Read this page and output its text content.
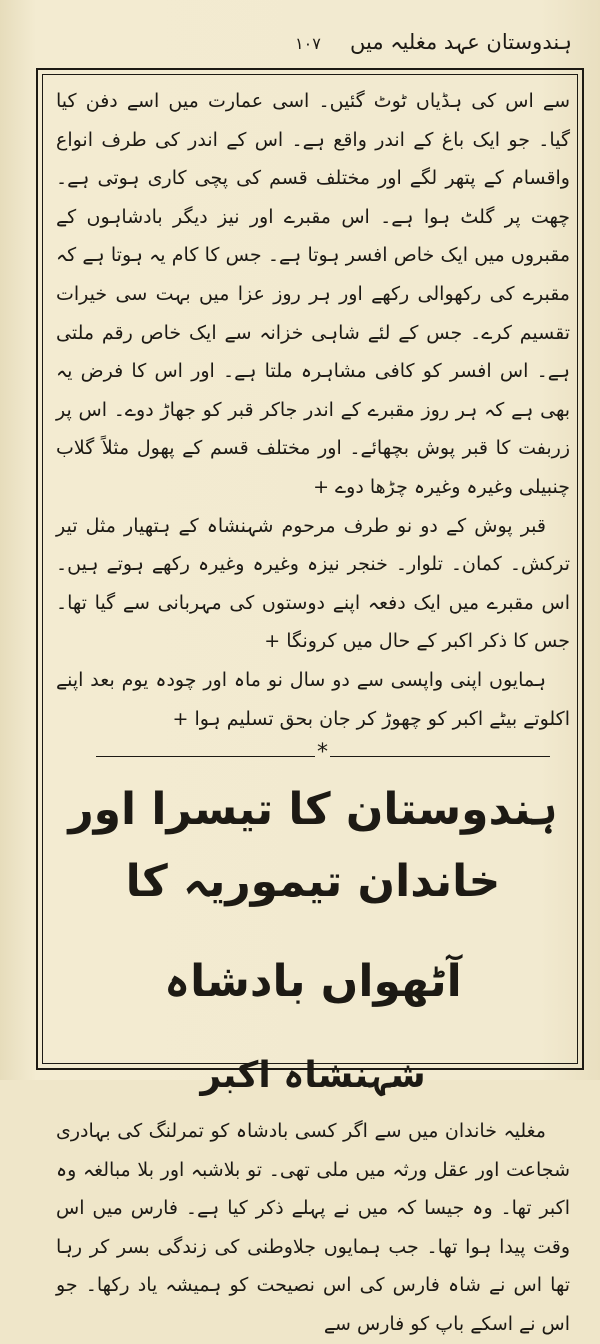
۱۰۷ ہندوستان عہد مغلیہ میں

سے اس کی ہڈیاں ٹوٹ گئیں۔ اسی عمارت میں اسے دفن کیا گیا۔ جو ایک باغ کے اندر واقع ہے۔ اس کے اندر کی طرف انواع واقسام کے پتھر لگے اور مختلف قسم کی پچی کاری ہوتی ہے۔ چھت پر گلٹ ہوا ہے۔ اس مقبرے اور نیز دیگر بادشاہوں کے مقبروں میں ایک خاص افسر ہوتا ہے۔ جس کا کام یہ ہوتا ہے کہ مقبرے کی رکھوالی رکھے اور ہر روز عزا میں بہت سی خیرات تقسیم کرے۔ جس کے لئے شاہی خزانہ سے ایک خاص رقم ملتی ہے۔ اس افسر کو کافی مشاہرہ ملتا ہے۔ اور اس کا فرض یہ بھی ہے کہ ہر روز مقبرے کے اندر جاکر قبر کو جھاڑ دوے۔ اس پر زربفت کا قبر پوش بچھائے۔ اور مختلف قسم کے پھول مثلاً گلاب چنبیلی وغیرہ وغیرہ چڑھا دوے +

قبر پوش کے دو نو طرف مرحوم شہنشاہ کے ہتھیار مثل تیر ترکش۔ کمان۔ تلوار۔ خنجر نیزہ وغیرہ وغیرہ رکھے ہوتے ہیں۔ اس مقبرے میں ایک دفعہ اپنے دوستوں کی مہربانی سے گیا تھا۔ جس کا ذکر اکبر کے حال میں کرونگا +

ہمایوں اپنی واپسی سے دو سال نو ماہ اور چودہ یوم بعد اپنے اکلوتے بیٹے اکبر کو چھوڑ کر جان بحق تسلیم ہوا +

*
ہندوستان کا تیسرا اور خاندان تیموریہ کا
آٹھواں بادشاہ
شہنشاہ اکبر

مغلیہ خاندان میں سے اگر کسی بادشاہ کو تمرلنگ کی بہادری شجاعت اور عقل ورثہ میں ملی تھی۔ تو بلاشبہ اور بلا مبالغہ وہ اکبر تھا۔ وہ جیسا کہ میں نے پہلے ذکر کیا ہے۔ فارس میں اس وقت پیدا ہوا تھا۔ جب ہمایوں جلاوطنی کی زندگی بسر کر رہا تھا اس نے شاہ فارس کی اس نصیحت کو ہمیشہ یاد رکھا۔ جو اس نے اسکے باپ کو فارس سے
